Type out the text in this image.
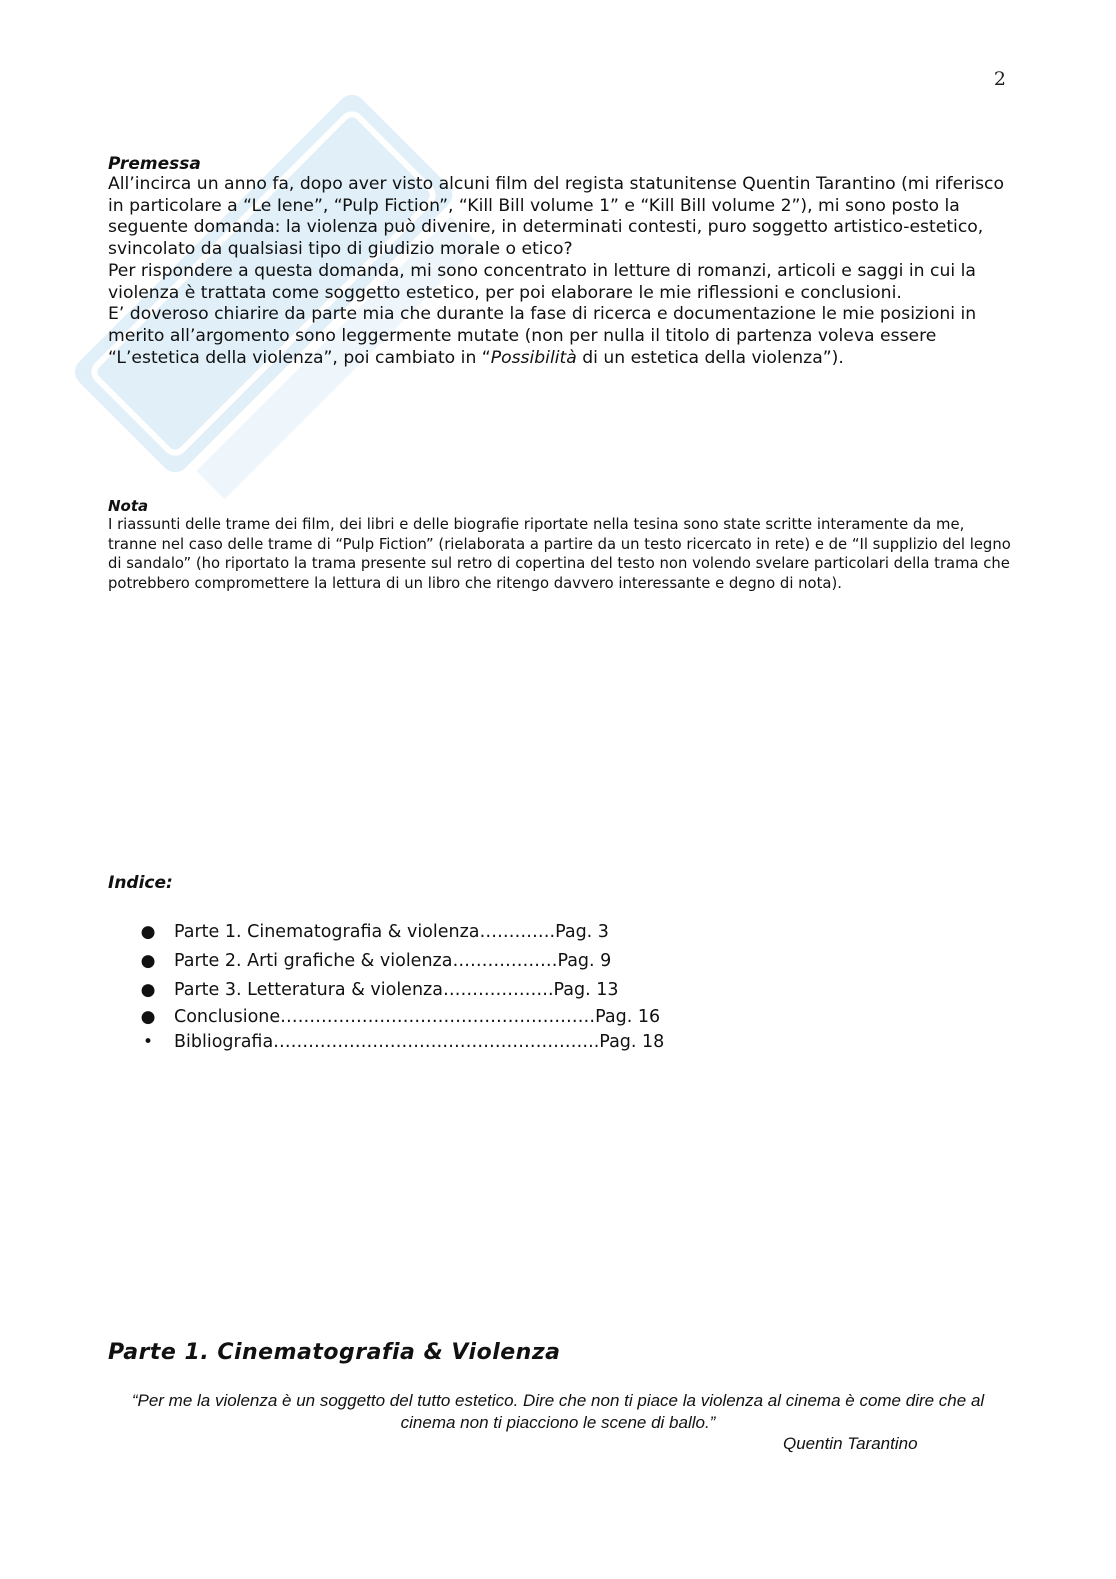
2
Premessa

All’incirca un anno fa, dopo aver visto alcuni film del regista statunitense Quentin Tarantino (mi riferisco in particolare a “Le Iene”, “Pulp Fiction”, “Kill Bill volume 1” e “Kill Bill volume 2”), mi sono posto la seguente domanda: la violenza può divenire, in determinati contesti, puro soggetto artistico-estetico, svincolato da qualsiasi tipo di giudizio morale o etico?

Per rispondere a questa domanda, mi sono concentrato in letture di romanzi, articoli e saggi in cui la violenza è trattata come soggetto estetico, per poi elaborare le mie riflessioni e conclusioni.

E’ doveroso chiarire da parte mia che durante la fase di ricerca e documentazione le mie posizioni in merito all’argomento sono leggermente mutate (non per nulla il titolo di partenza voleva essere “L’estetica della violenza”, poi cambiato in “Possibilità di un estetica della violenza”).

Nota

I riassunti delle trame dei film, dei libri e delle biografie riportate nella tesina sono state scritte interamente da me, tranne nel caso delle trame di “Pulp Fiction” (rielaborata a partire da un testo ricercato in rete) e de “Il supplizio del legno di sandalo” (ho riportato la trama presente sul retro di copertina del testo non volendo svelare particolari della trama che potrebbero compromettere la lettura di un libro che ritengo davvero interessante e degno di nota).

Indice:
● Parte 1. Cinematografia & violenza………….Pag. 3
● Parte 2. Arti grafiche & violenza………………Pag. 9
● Parte 3. Letteratura & violenza……………….Pag. 13
● Conclusione………………………………………………Pag. 16
• Bibliografia………………………………………………..Pag. 18
Parte 1. Cinematografia & Violenza
“Per me la violenza è un soggetto del tutto estetico. Dire che non ti piace la violenza al cinema è come dire che al cinema non ti piacciono le scene di ballo.”
Quentin Tarantino
